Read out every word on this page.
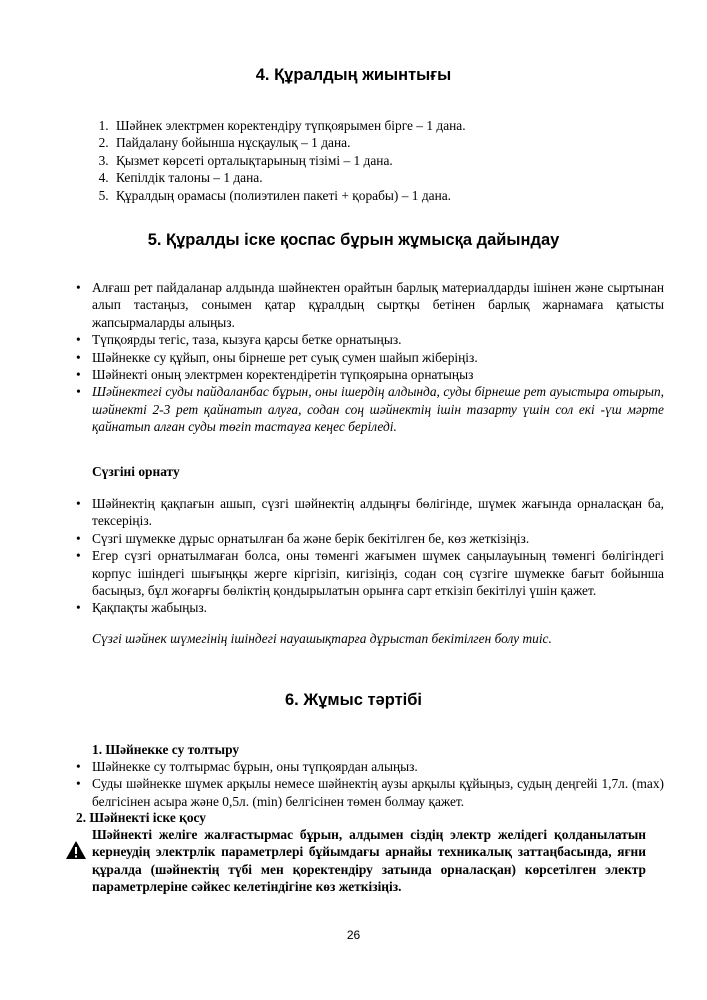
4. Құралдың жиынтығы
1. Шәйнек электрмен коректендіру түпқоярымен бірге – 1 дана.
2. Пайдалану бойынша нұсқаулық – 1 дана.
3. Қызмет көрсеті орталықтарының тізімі – 1 дана.
4. Кепілдік талоны – 1 дана.
5. Құралдың орамасы (полиэтилен пакеті + қорабы) – 1 дана.
5. Құралды іске қоспас бұрын жұмысқа дайындау
• Алғаш рет пайдаланар алдында шәйнектен орайтын барлық материалдарды ішінен және сыртынан алып тастаңыз, сонымен қатар құралдың сыртқы бетінен барлық жарнамаға қатысты жапсырмаларды алыңыз.
• Түпқоярды тегіс, таза, кызуға қарсы бетке орнатыңыз.
• Шәйнекке су құйып, оны бірнеше рет суық сумен шайып жіберіңіз.
• Шәйнекті оның электрмен коректендіретін түпқоярына орнатыңыз
• Шәйнектегі суды пайдаланбас бұрын, оны ішердің алдында, суды бірнеше рет ауыстыра отырып, шәйнекті 2-3 рет қайнатып алуға, содан соң шәйнектің ішін тазарту үшін сол екі -үш мәрте қайнатып алған суды төгіп тастауға кеңес беріледі.
Сүзгіні орнату
• Шәйнектің қақпағын ашып, сүзгі шәйнектің алдыңғы бөлігінде, шүмек жағында орналасқан ба, тексеріңіз.
• Сүзгі шүмекке дұрыс орнатылған ба және берік бекітілген бе, көз жеткізіңіз.
• Егер сүзгі орнатылмаған болса, оны төменгі жағымен шүмек саңылауының төменгі бөлігіндегі корпус ішіндегі шығыңқы жерге кіргізіп, кигізіңіз, содан соң сүзгіге шүмекке бағыт бойынша басыңыз, бұл жоғарғы бөліктің қондырылатын орынға сарт еткізіп бекітілуі үшін қажет.
• Қақпақты жабыңыз.
Сүзгі шәйнек шүмегінің ішіндегі науашықтарға дұрыстап бекітілген болу тиіс.
6. Жұмыс тәртібі
1. Шәйнекке су толтыру
• Шәйнекке су толтырмас бұрын, оны түпқоярдан алыңыз.
• Суды шәйнекке шүмек арқылы немесе шәйнектің аузы арқылы құйыңыз, судың деңгейі 1,7л. (max) белгісінен асыра және 0,5л. (min) белгісінен төмен болмау қажет.
2. Шәйнекті іске қосу
Шәйнекті желіге жалғастырмас бұрын, алдымен сіздің электр желідегі қолданылатын кернеудің электрлік параметрлері бұйымдағы арнайы техникалық заттаңбасында, яғни құралда (шәйнектің түбі мен қоректендіру затында орналасқан) көрсетілген электр параметрлеріне сәйкес келетіндігіне көз жеткізіңіз.
26
